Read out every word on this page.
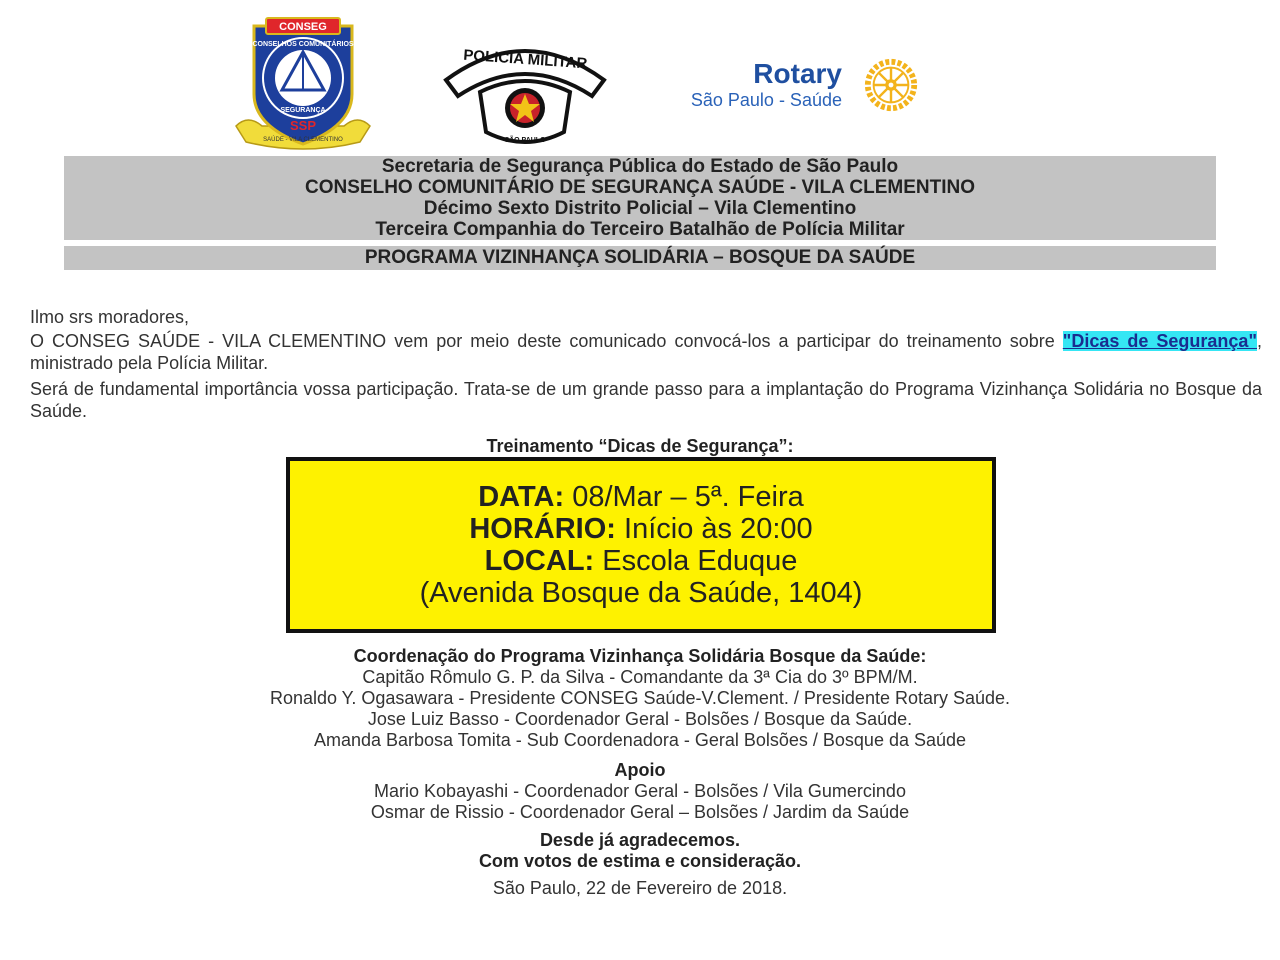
CONSEG
CONSELHOS COMUNITÁRIOS
SEGURANÇA
SSP
SAÚDE - VILA CLEMENTINO
POLICIA MILITAR
SÃO PAULO
Rotary
São Paulo - Saúde
Secretaria de Segurança Pública do Estado de São Paulo
CONSELHO COMUNITÁRIO DE SEGURANÇA SAÚDE - VILA CLEMENTINO
Décimo Sexto Distrito Policial – Vila Clementino
Terceira Companhia do Terceiro Batalhão de Polícia Militar
PROGRAMA VIZINHANÇA SOLIDÁRIA – BOSQUE DA SAÚDE
Ilmo srs moradores,
O CONSEG SAÚDE - VILA CLEMENTINO vem por meio deste comunicado convocá-los a participar do treinamento sobre "Dicas de Segurança", ministrado pela Polícia Militar.
Será de fundamental importância vossa participação. Trata-se de um grande passo para a implantação do Programa Vizinhança Solidária no Bosque da Saúde.
Treinamento “Dicas de Segurança”:
DATA: 08/Mar – 5ª. Feira
HORÁRIO: Início às 20:00
LOCAL: Escola Eduque
(Avenida Bosque da Saúde, 1404)
Coordenação do Programa Vizinhança Solidária Bosque da Saúde:
Capitão Rômulo G. P. da Silva - Comandante da 3ª Cia do 3º BPM/M.
Ronaldo Y. Ogasawara - Presidente CONSEG Saúde-V.Clement. / Presidente Rotary Saúde.
Jose Luiz Basso - Coordenador Geral - Bolsões / Bosque da Saúde.
Amanda Barbosa Tomita - Sub Coordenadora - Geral Bolsões / Bosque da Saúde
Apoio
Mario Kobayashi - Coordenador Geral - Bolsões / Vila Gumercindo
Osmar de Rissio - Coordenador Geral – Bolsões / Jardim da Saúde
Desde já agradecemos.
Com votos de estima e consideração.
São Paulo, 22 de Fevereiro de 2018.
